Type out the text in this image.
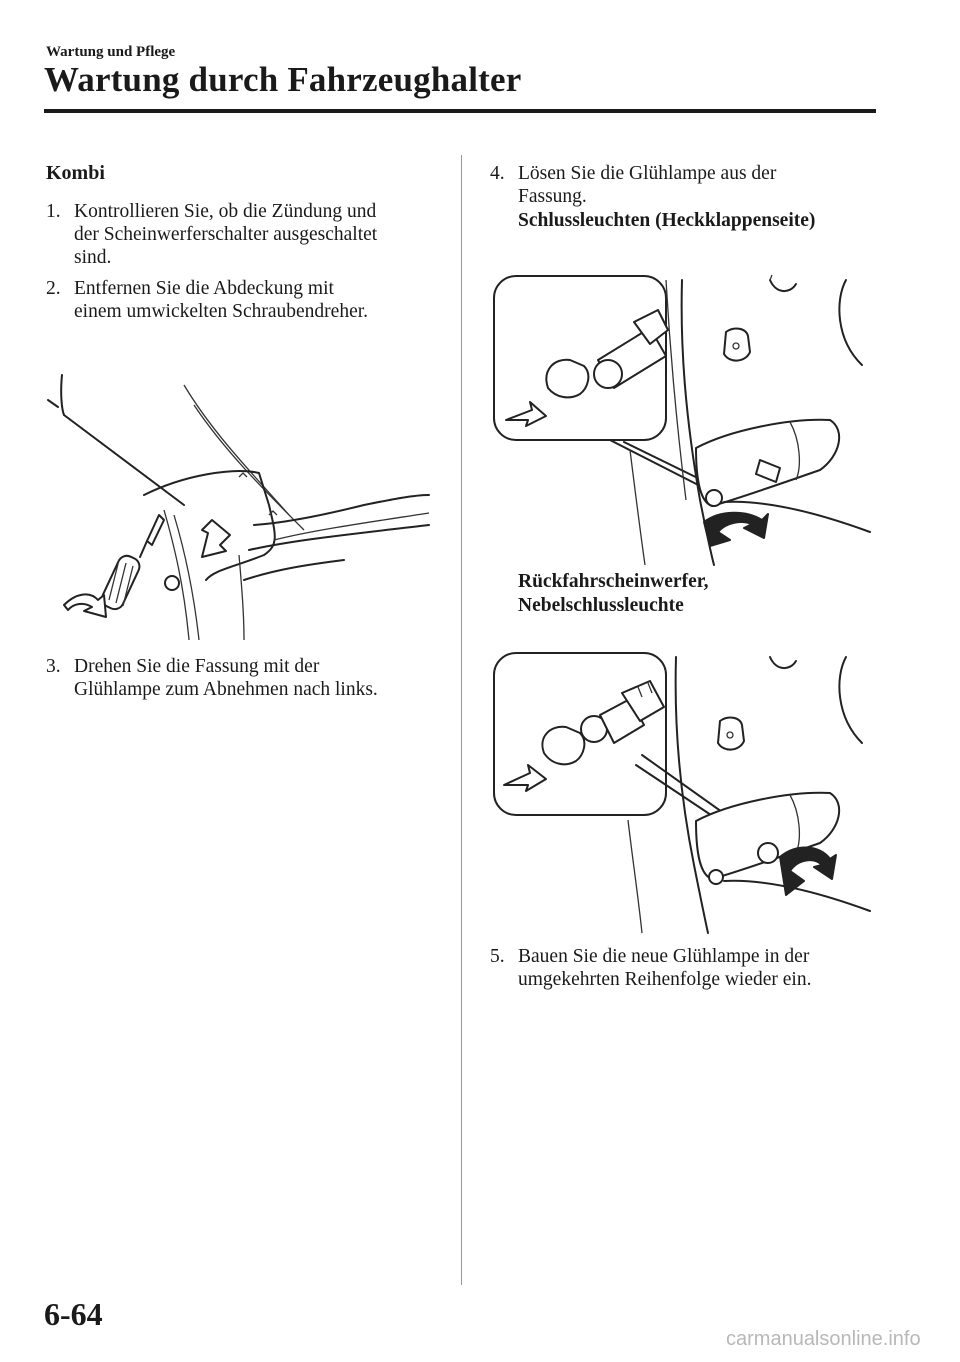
Wartung und Pflege
Wartung durch Fahrzeughalter
Kombi
1. Kontrollieren Sie, ob die Zündung und
der Scheinwerferschalter ausgeschaltet
sind.
2. Entfernen Sie die Abdeckung mit
einem umwickelten Schraubendreher.
3. Drehen Sie die Fassung mit der
Glühlampe zum Abnehmen nach links.
4. Lösen Sie die Glühlampe aus der
Fassung.
Schlussleuchten (Heckklappenseite)
Rückfahrscheinwerfer,
Nebelschlussleuchte
5. Bauen Sie die neue Glühlampe in der
umgekehrten Reihenfolge wieder ein.
6-64
carmanualsonline.info
